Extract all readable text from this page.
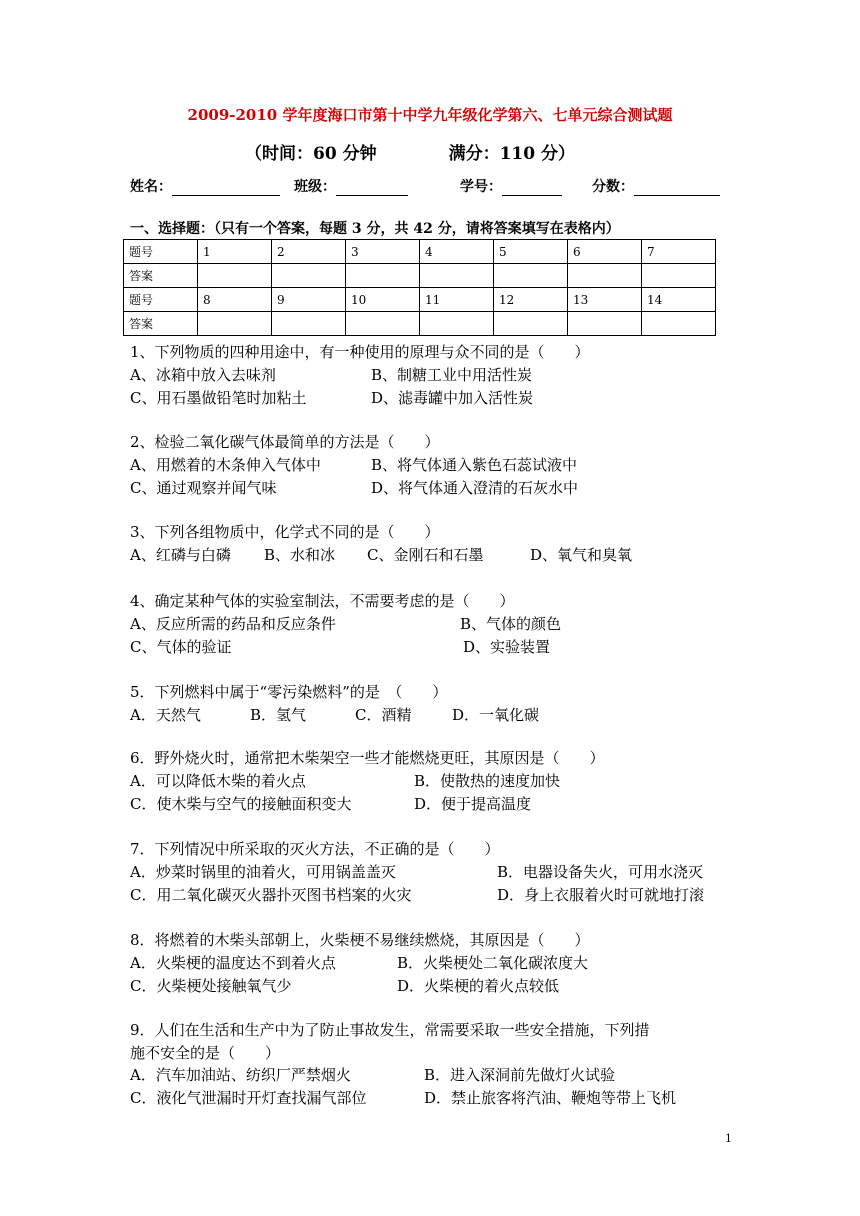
2009-2010 学年度海口市第十中学九年级化学第六、七单元综合测试题
（时间：60 分钟	满分：110 分）
姓名：	班级：	学号：	分数：
一、选择题：（只有一个答案，每题 3 分，共 42 分，请将答案填写在表格内）
题号	1	2	3	4	5	6	7
答案							
题号	8	9	10	11	12	13	14
答案							
1、下列物质的四种用途中，有一种使用的原理与众不同的是（　　）
A、冰箱中放入去味剂	B、制糖工业中用活性炭
C、用石墨做铅笔时加粘土	D、滤毒罐中加入活性炭
2、检验二氧化碳气体最简单的方法是（　　）
A、用燃着的木条伸入气体中	B、将气体通入紫色石蕊试液中
C、通过观察并闻气味	D、将气体通入澄清的石灰水中
3、下列各组物质中，化学式不同的是（　　）
A、红磷与白磷 B、水和冰 C、金刚石和石墨	D、氧气和臭氧
4、确定某种气体的实验室制法，不需要考虑的是（　　）
A、反应所需的药品和反应条件	B、气体的颜色
C、气体的验证	D、实验装置
5．下列燃料中属于“零污染燃料”的是　（　　）
A．天然气	B．氢气	C．酒精	D．一氧化碳
6．野外烧火时，通常把木柴架空一些才能燃烧更旺，其原因是（　　）
A．可以降低木柴的着火点	B．使散热的速度加快
C．使木柴与空气的接触面积变大	D．便于提高温度
7．下列情况中所采取的灭火方法，不正确的是（　　）
A．炒菜时锅里的油着火，可用锅盖盖灭	B．电器设备失火，可用水浇灭
C．用二氧化碳灭火器扑灭图书档案的火灾	D．身上衣服着火时可就地打滚
8．将燃着的木柴头部朝上，火柴梗不易继续燃烧，其原因是（　　）
A．火柴梗的温度达不到着火点	B．火柴梗处二氧化碳浓度大
C．火柴梗处接触氧气少	D．火柴梗的着火点较低
9．人们在生活和生产中为了防止事故发生，常需要采取一些安全措施，下列措
施不安全的是（　　）
A．汽车加油站、纺织厂严禁烟火	B．进入深洞前先做灯火试验
C．液化气泄漏时开灯查找漏气部位	D．禁止旅客将汽油、鞭炮等带上飞机
1
